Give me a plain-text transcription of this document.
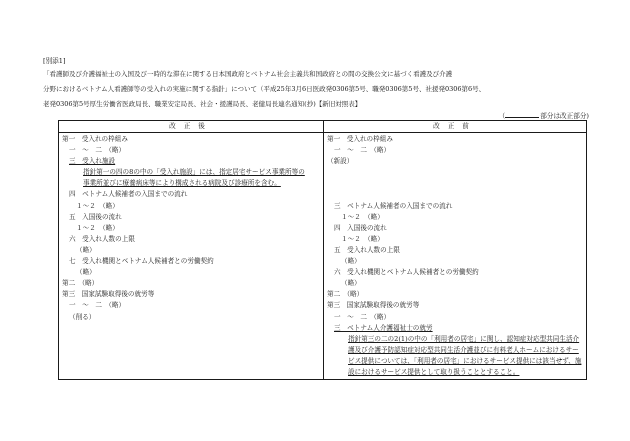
[別添1]

「看護師及び介護福祉士の入国及び一時的な滞在に関する日本国政府とベトナム社会主義共和国政府との間の交換公文に基づく看護及び介護

分野におけるベトナム人看護師等の受入れの実施に関する指針」について（平成25年3月6日医政発0306第5号、職発0306第5号、社援発0306第6号、

老発0306第5号厚生労働省医政局長、職業安定局長、社会・援護局長、老健局長連名通知(抄)【新旧対照表】

（	部分は改正部分)
改正後
第一　受入れの枠組み
一　～　二　（略）
三　受入れ施設
指針第一の四の8の中の「受入れ施設」には、指定居宅サービス事業所等の事業所並びに療養病床等により構成される病院及び診療所を含む。
四　ベトナム人候補者の入国までの流れ
１～２　（略）
五　入国後の流れ
１～２　（略）
六　受入れ人数の上限
（略）
七　受入れ機関とベトナム人候補者との労働契約
（略）
第二　（略）
第三　国家試験取得後の就労等
一　～　二　（略）
（削る）
改正前
第一　受入れの枠組み
一　～　二　（略）
（新設）
三　ベトナム人候補者の入国までの流れ
１～２　（略）
四　入国後の流れ
１～２　（略）
五　受入れ人数の上限
（略）
六　受入れ機関とベトナム人候補者との労働契約
（略）
第二　（略）
第三　国家試験取得後の就労等
一　～　二　（略）
三　ベトナム人介護福祉士の就労
指針第三の二の2(1)の中の「利用者の居宅」に関し、認知症対応型共同生活介護及び介護予防認知症対応型共同生活介護並びに有料老人ホームにおけるサービス提供については、「利用者の居宅」におけるサービス提供には該当せず、施設におけるサービス提供として取り扱うこととすること。
